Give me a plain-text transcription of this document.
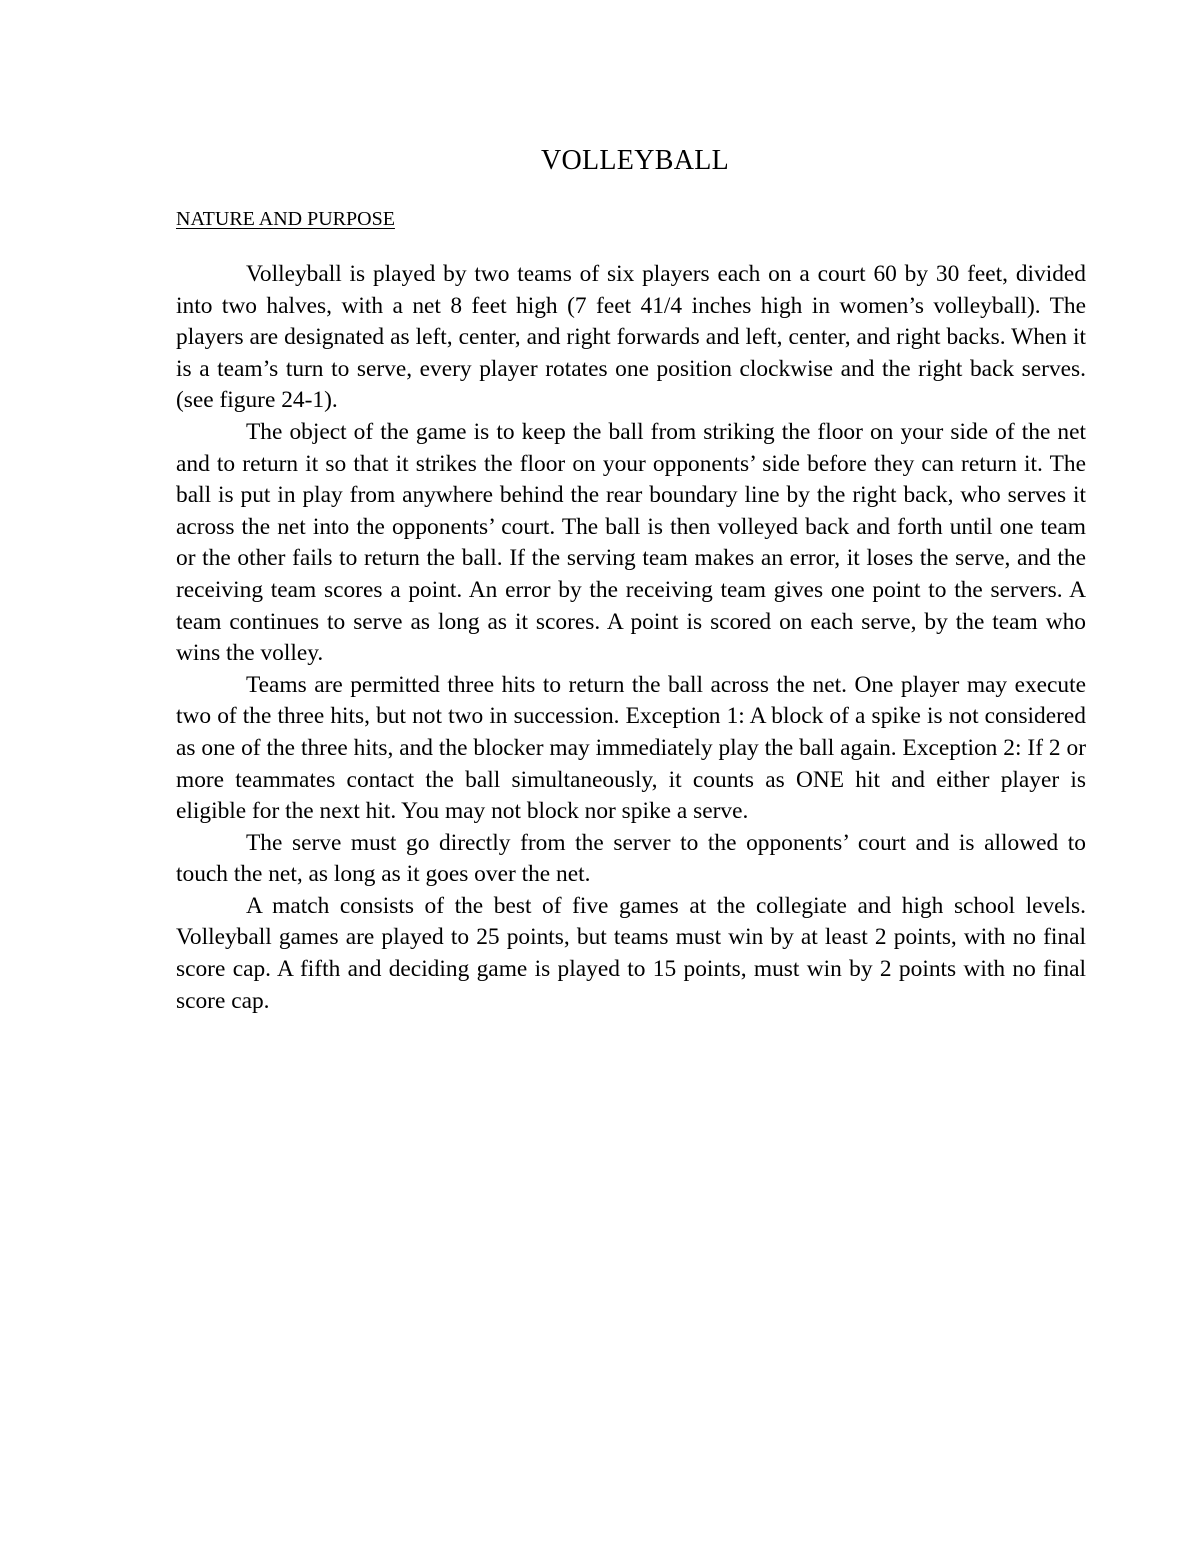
VOLLEYBALL
NATURE AND PURPOSE

Volleyball is played by two teams of six players each on a court 60 by 30 feet, divided into two halves, with a net 8 feet high (7 feet 41/4 inches high in women’s volleyball). The players are designated as left, center, and right forwards and left, center, and right backs. When it is a team’s turn to serve, every player rotates one position clockwise and the right back serves. (see figure 24-1).

The object of the game is to keep the ball from striking the floor on your side of the net and to return it so that it strikes the floor on your opponents’ side before they can return it. The ball is put in play from anywhere behind the rear boundary line by the right back, who serves it across the net into the opponents’ court. The ball is then volleyed back and forth until one team or the other fails to return the ball. If the serving team makes an error, it loses the serve, and the receiving team scores a point. An error by the receiving team gives one point to the servers. A team continues to serve as long as it scores. A point is scored on each serve, by the team who wins the volley.

Teams are permitted three hits to return the ball across the net. One player may execute two of the three hits, but not two in succession. Exception 1: A block of a spike is not considered as one of the three hits, and the blocker may immediately play the ball again. Exception 2: If 2 or more teammates contact the ball simultaneously, it counts as ONE hit and either player is eligible for the next hit. You may not block nor spike a serve.

The serve must go directly from the server to the opponents’ court and is allowed to touch the net, as long as it goes over the net.

A match consists of the best of five games at the collegiate and high school levels. Volleyball games are played to 25 points, but teams must win by at least 2 points, with no final score cap. A fifth and deciding game is played to 15 points, must win by 2 points with no final score cap.
